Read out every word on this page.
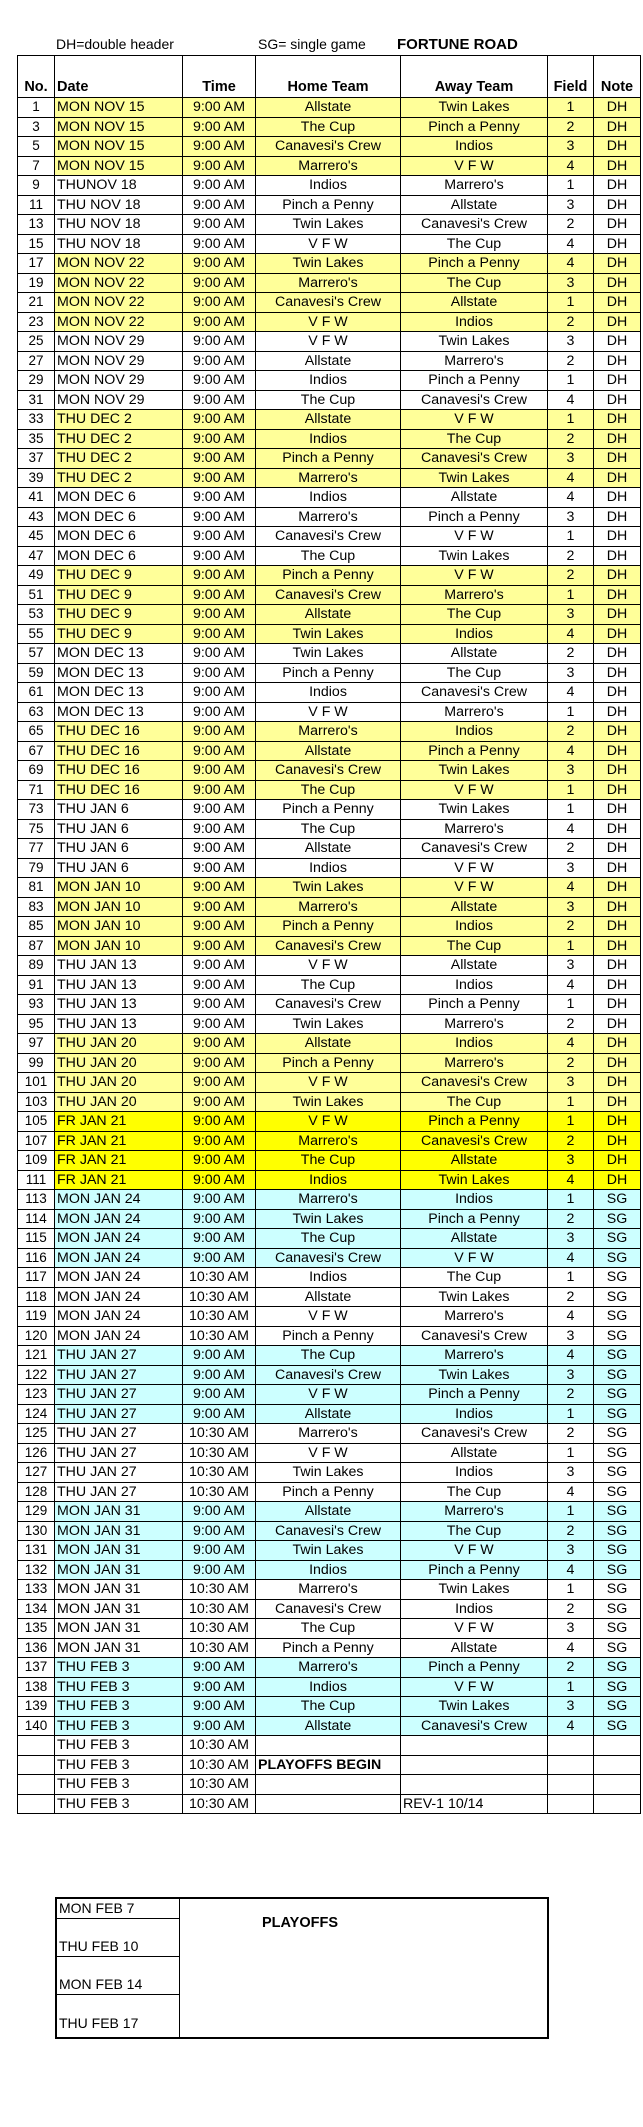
DH=double header	SG= single game FORTUNE ROAD
No.	Date	Time	Home Team	Away Team	Field	Note
1	MON NOV 15	9:00 AM	Allstate	Twin Lakes	1	DH
3	MON NOV 15	9:00 AM	The Cup	Pinch a Penny	2	DH
5	MON NOV 15	9:00 AM	Canavesi's Crew	Indios	3	DH
7	MON NOV 15	9:00 AM	Marrero's	V F W	4	DH
9	THUNOV 18	9:00 AM	Indios	Marrero's	1	DH
11	THU NOV 18	9:00 AM	Pinch a Penny	Allstate	3	DH
13	THU NOV 18	9:00 AM	Twin Lakes	Canavesi's Crew	2	DH
15	THU NOV 18	9:00 AM	V F W	The Cup	4	DH
17	MON NOV 22	9:00 AM	Twin Lakes	Pinch a Penny	4	DH
19	MON NOV 22	9:00 AM	Marrero's	The Cup	3	DH
21	MON NOV 22	9:00 AM	Canavesi's Crew	Allstate	1	DH
23	MON NOV 22	9:00 AM	V F W	Indios	2	DH
25	MON NOV 29	9:00 AM	V F W	Twin Lakes	3	DH
27	MON NOV 29	9:00 AM	Allstate	Marrero's	2	DH
29	MON NOV 29	9:00 AM	Indios	Pinch a Penny	1	DH
31	MON NOV 29	9:00 AM	The Cup	Canavesi's Crew	4	DH
33	THU DEC 2	9:00 AM	Allstate	V F W	1	DH
35	THU DEC 2	9:00 AM	Indios	The Cup	2	DH
37	THU DEC 2	9:00 AM	Pinch a Penny	Canavesi's Crew	3	DH
39	THU DEC 2	9:00 AM	Marrero's	Twin Lakes	4	DH
41	MON DEC 6	9:00 AM	Indios	Allstate	4	DH
43	MON DEC 6	9:00 AM	Marrero's	Pinch a Penny	3	DH
45	MON DEC 6	9:00 AM	Canavesi's Crew	V F W	1	DH
47	MON DEC 6	9:00 AM	The Cup	Twin Lakes	2	DH
49	THU DEC 9	9:00 AM	Pinch a Penny	V F W	2	DH
51	THU DEC 9	9:00 AM	Canavesi's Crew	Marrero's	1	DH
53	THU DEC 9	9:00 AM	Allstate	The Cup	3	DH
55	THU DEC 9	9:00 AM	Twin Lakes	Indios	4	DH
57	MON DEC 13	9:00 AM	Twin Lakes	Allstate	2	DH
59	MON DEC 13	9:00 AM	Pinch a Penny	The Cup	3	DH
61	MON DEC 13	9:00 AM	Indios	Canavesi's Crew	4	DH
63	MON DEC 13	9:00 AM	V F W	Marrero's	1	DH
65	THU DEC 16	9:00 AM	Marrero's	Indios	2	DH
67	THU DEC 16	9:00 AM	Allstate	Pinch a Penny	4	DH
69	THU DEC 16	9:00 AM	Canavesi's Crew	Twin Lakes	3	DH
71	THU DEC 16	9:00 AM	The Cup	V F W	1	DH
73	THU JAN 6	9:00 AM	Pinch a Penny	Twin Lakes	1	DH
75	THU JAN 6	9:00 AM	The Cup	Marrero's	4	DH
77	THU JAN 6	9:00 AM	Allstate	Canavesi's Crew	2	DH
79	THU JAN 6	9:00 AM	Indios	V F W	3	DH
81	MON JAN 10	9:00 AM	Twin Lakes	V F W	4	DH
83	MON JAN 10	9:00 AM	Marrero's	Allstate	3	DH
85	MON JAN 10	9:00 AM	Pinch a Penny	Indios	2	DH
87	MON JAN 10	9:00 AM	Canavesi's Crew	The Cup	1	DH
89	THU JAN 13	9:00 AM	V F W	Allstate	3	DH
91	THU JAN 13	9:00 AM	The Cup	Indios	4	DH
93	THU JAN 13	9:00 AM	Canavesi's Crew	Pinch a Penny	1	DH
95	THU JAN 13	9:00 AM	Twin Lakes	Marrero's	2	DH
97	THU JAN 20	9:00 AM	Allstate	Indios	4	DH
99	THU JAN 20	9:00 AM	Pinch a Penny	Marrero's	2	DH
101	THU JAN 20	9:00 AM	V F W	Canavesi's Crew	3	DH
103	THU JAN 20	9:00 AM	Twin Lakes	The Cup	1	DH
105	FR JAN 21	9:00 AM	V F W	Pinch a Penny	1	DH
107	FR JAN 21	9:00 AM	Marrero's	Canavesi's Crew	2	DH
109	FR JAN 21	9:00 AM	The Cup	Allstate	3	DH
111	FR JAN 21	9:00 AM	Indios	Twin Lakes	4	DH
113	MON JAN 24	9:00 AM	Marrero's	Indios	1	SG
114	MON JAN 24	9:00 AM	Twin Lakes	Pinch a Penny	2	SG
115	MON JAN 24	9:00 AM	The Cup	Allstate	3	SG
116	MON JAN 24	9:00 AM	Canavesi's Crew	V F W	4	SG
117	MON JAN 24	10:30 AM	Indios	The Cup	1	SG
118	MON JAN 24	10:30 AM	Allstate	Twin Lakes	2	SG
119	MON JAN 24	10:30 AM	V F W	Marrero's	4	SG
120	MON JAN 24	10:30 AM	Pinch a Penny	Canavesi's Crew	3	SG
121	THU JAN 27	9:00 AM	The Cup	Marrero's	4	SG
122	THU JAN 27	9:00 AM	Canavesi's Crew	Twin Lakes	3	SG
123	THU JAN 27	9:00 AM	V F W	Pinch a Penny	2	SG
124	THU JAN 27	9:00 AM	Allstate	Indios	1	SG
125	THU JAN 27	10:30 AM	Marrero's	Canavesi's Crew	2	SG
126	THU JAN 27	10:30 AM	V F W	Allstate	1	SG
127	THU JAN 27	10:30 AM	Twin Lakes	Indios	3	SG
128	THU JAN 27	10:30 AM	Pinch a Penny	The Cup	4	SG
129	MON JAN 31	9:00 AM	Allstate	Marrero's	1	SG
130	MON JAN 31	9:00 AM	Canavesi's Crew	The Cup	2	SG
131	MON JAN 31	9:00 AM	Twin Lakes	V F W	3	SG
132	MON JAN 31	9:00 AM	Indios	Pinch a Penny	4	SG
133	MON JAN 31	10:30 AM	Marrero's	Twin Lakes	1	SG
134	MON JAN 31	10:30 AM	Canavesi's Crew	Indios	2	SG
135	MON JAN 31	10:30 AM	The Cup	V F W	3	SG
136	MON JAN 31	10:30 AM	Pinch a Penny	Allstate	4	SG
137	THU FEB 3	9:00 AM	Marrero's	Pinch a Penny	2	SG
138	THU FEB 3	9:00 AM	Indios	V F W	1	SG
139	THU FEB 3	9:00 AM	The Cup	Twin Lakes	3	SG
140	THU FEB 3	9:00 AM	Allstate	Canavesi's Crew	4	SG
	THU FEB 3	10:30 AM				
	THU FEB 3	10:30 AM	PLAYOFFS BEGIN			
	THU FEB 3	10:30 AM				
	THU FEB 3	10:30 AM		REV-1 10/14		
MON FEB 7
THU FEB 10
MON FEB 14
THU FEB 17
PLAYOFFS
